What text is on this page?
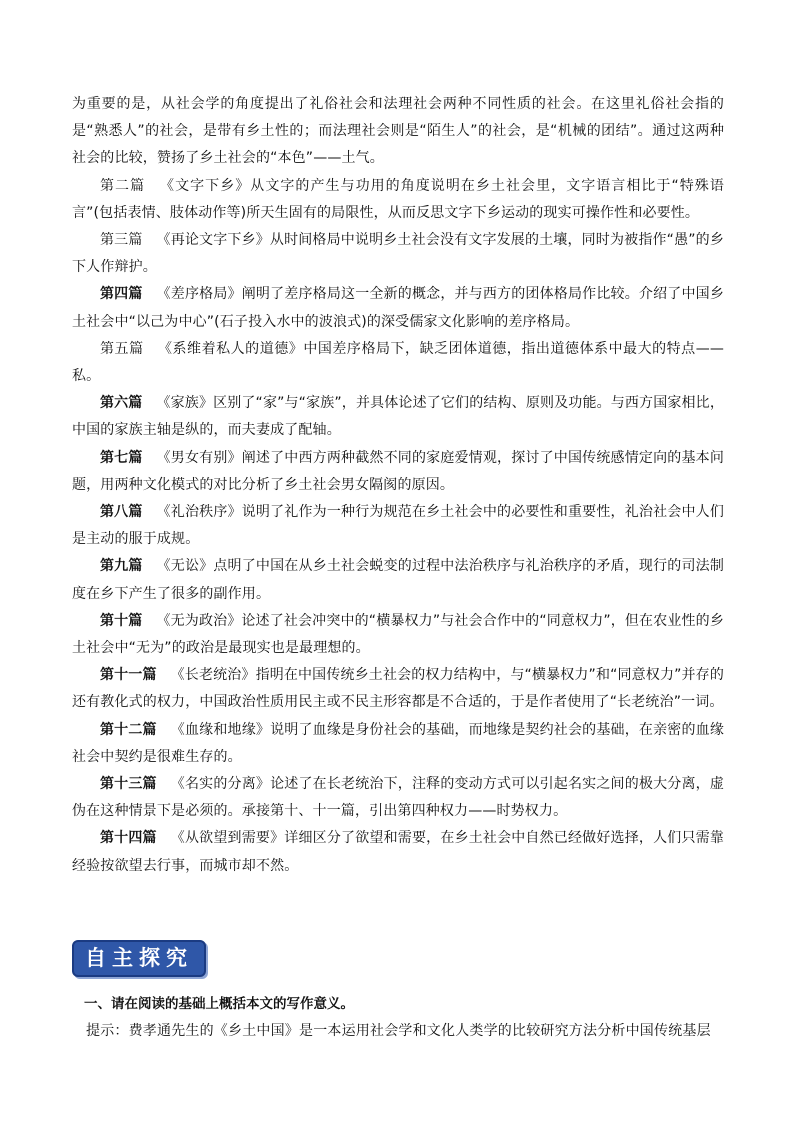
为重要的是，从社会学的角度提出了礼俗社会和法理社会两种不同性质的社会。在这里礼俗社会指的是“熟悉人”的社会，是带有乡土性的；而法理社会则是“陌生人”的社会，是“机械的团结”。通过这两种社会的比较，赞扬了乡土社会的“本色”——土气。

第二篇 《文字下乡》从文字的产生与功用的角度说明在乡土社会里，文字语言相比于“特殊语言”(包括表情、肢体动作等)所天生固有的局限性，从而反思文字下乡运动的现实可操作性和必要性。

第三篇 《再论文字下乡》从时间格局中说明乡土社会没有文字发展的土壤，同时为被指作“愚”的乡下人作辩护。

第四篇 《差序格局》阐明了差序格局这一全新的概念，并与西方的团体格局作比较。介绍了中国乡土社会中“以己为中心”(石子投入水中的波浪式)的深受儒家文化影响的差序格局。

第五篇 《系维着私人的道德》中国差序格局下，缺乏团体道德，指出道德体系中最大的特点——私。

第六篇 《家族》区别了“家”与“家族”，并具体论述了它们的结构、原则及功能。与西方国家相比，中国的家族主轴是纵的，而夫妻成了配轴。

第七篇 《男女有别》阐述了中西方两种截然不同的家庭爱情观，探讨了中国传统感情定向的基本问题，用两种文化模式的对比分析了乡土社会男女隔阂的原因。

第八篇 《礼治秩序》说明了礼作为一种行为规范在乡土社会中的必要性和重要性，礼治社会中人们是主动的服于成规。

第九篇 《无讼》点明了中国在从乡土社会蜕变的过程中法治秩序与礼治秩序的矛盾，现行的司法制度在乡下产生了很多的副作用。

第十篇 《无为政治》论述了社会冲突中的“横暴权力”与社会合作中的“同意权力”，但在农业性的乡土社会中“无为”的政治是最现实也是最理想的。

第十一篇 《长老统治》指明在中国传统乡土社会的权力结构中，与“横暴权力”和“同意权力”并存的还有教化式的权力，中国政治性质用民主或不民主形容都是不合适的，于是作者使用了“长老统治”一词。

第十二篇 《血缘和地缘》说明了血缘是身份社会的基础，而地缘是契约社会的基础，在亲密的血缘社会中契约是很难生存的。

第十三篇 《名实的分离》论述了在长老统治下，注释的变动方式可以引起名实之间的极大分离，虚伪在这种情景下是必须的。承接第十、十一篇，引出第四种权力——时势权力。

第十四篇 《从欲望到需要》详细区分了欲望和需要，在乡土社会中自然已经做好选择，人们只需靠经验按欲望去行事，而城市却不然。

自主探究

一、请在阅读的基础上概括本文的写作意义。

提示：费孝通先生的《乡土中国》是一本运用社会学和文化人类学的比较研究方法分析中国传统基层
